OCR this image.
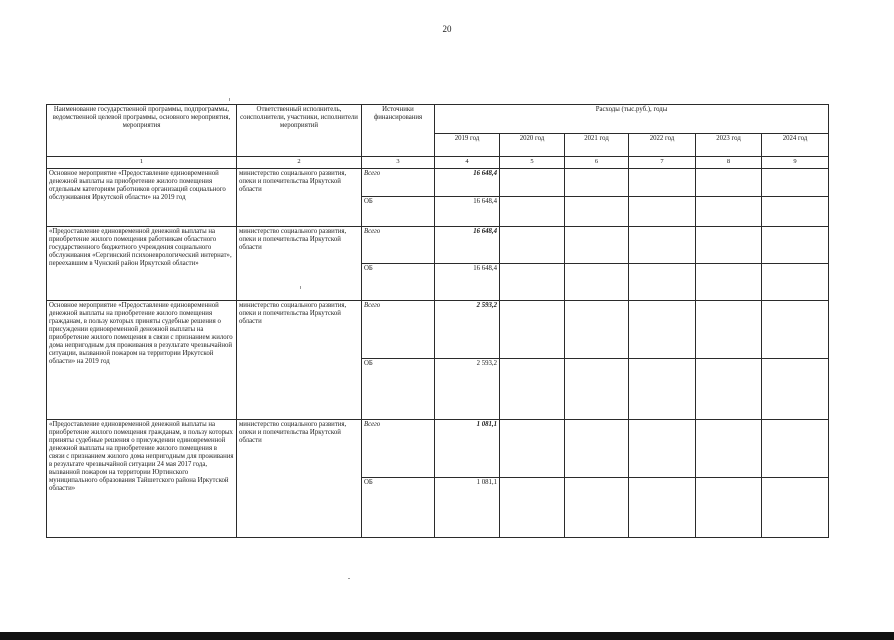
20
Наименование государственной программы, подпрограммы, ведомственной целевой программы, основного мероприятия, мероприятия	Ответственный исполнитель, соисполнители, участники, исполнители мероприятий	Источники финансирования	Расходы (тыс.руб.), годы					
			2019 год	2020 год	2021 год	2022 год	2023 год	2024 год
1	2	3	4	5	6	7	8	9
Основное мероприятие «Предоставление единовременной денежной выплаты на приобретение жилого помещения отдельным категориям работников организаций социального обслуживания Иркутской области» на 2019 год	министерство социального развития, опеки и попечительства Иркутской области	Всего	16 648,4					
		ОБ	16 648,4					
«Предоставление единовременной денежной выплаты на приобретение жилого помещения работникам областного государственного бюджетного учреждения социального обслуживания «Сергинский психоневрологический интернат», переехавшим в Чунский район Иркутской области»	министерство социального развития, опеки и попечительства Иркутской области	Всего	16 648,4					
		ОБ	16 648,4					
Основное мероприятие «Предоставление единовременной денежной выплаты на приобретение жилого помещения гражданам, в пользу которых приняты судебные решения о присуждении единовременной денежной выплаты на приобретение жилого помещения в связи с признанием жилого дома непригодным для проживания в результате чрезвычайной ситуации, вызванной пожаром на территории Иркутской области» на 2019 год	министерство социального развития, опеки и попечительства Иркутской области	Всего	2 593,2					
		ОБ	2 593,2					
«Предоставление единовременной денежной выплаты на приобретение жилого помещения гражданам, в пользу которых приняты судебные решения о присуждении единовременной денежной выплаты на приобретение жилого помещения в связи с признанием жилого дома непригодным для проживания в результате чрезвычайной ситуации 24 мая 2017 года, вызванной пожаром на территории Юртинского муниципального образования Тайшетского района Иркутской области»	министерство социального развития, опеки и попечительства Иркутской области	Всего	1 081,1					
		ОБ	1 081,1					
